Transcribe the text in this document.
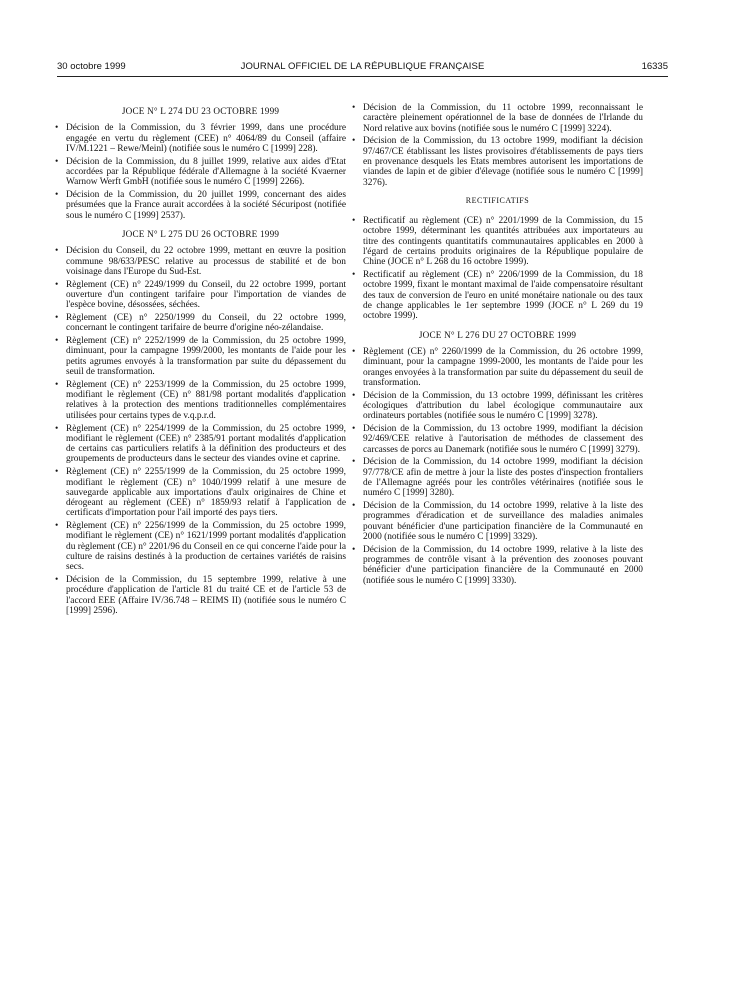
30 octobre 1999	JOURNAL OFFICIEL DE LA RÉPUBLIQUE FRANÇAISE	16335
JOCE N° L 274 DU 23 OCTOBRE 1999
• Décision de la Commission, du 3 février 1999, dans une procédure engagée en vertu du règlement (CEE) n° 4064/89 du Conseil (affaire IV/M.1221 – Rewe/Meinl) (notifiée sous le numéro C [1999] 228).
• Décision de la Commission, du 8 juillet 1999, relative aux aides d'Etat accordées par la République fédérale d'Allemagne à la société Kvaerner Warnow Werft GmbH (notifiée sous le numéro C [1999] 2266).
• Décision de la Commission, du 20 juillet 1999, concernant des aides présumées que la France aurait accordées à la société Sécuripost (notifiée sous le numéro C [1999] 2537).
JOCE N° L 275 DU 26 OCTOBRE 1999
• Décision du Conseil, du 22 octobre 1999, mettant en œuvre la position commune 98/633/PESC relative au processus de stabilité et de bon voisinage dans l'Europe du Sud-Est.
• Règlement (CE) n° 2249/1999 du Conseil, du 22 octobre 1999, portant ouverture d'un contingent tarifaire pour l'importation de viandes de l'espèce bovine, désossées, séchées.
• Règlement (CE) n° 2250/1999 du Conseil, du 22 octobre 1999, concernant le contingent tarifaire de beurre d'origine néo-zélandaise.
• Règlement (CE) n° 2252/1999 de la Commission, du 25 octobre 1999, diminuant, pour la campagne 1999/2000, les montants de l'aide pour les petits agrumes envoyés à la transformation par suite du dépassement du seuil de transformation.
• Règlement (CE) n° 2253/1999 de la Commission, du 25 octobre 1999, modifiant le règlement (CE) n° 881/98 portant modalités d'application relatives à la protection des mentions traditionnelles complémentaires utilisées pour certains types de v.q.p.r.d.
• Règlement (CE) n° 2254/1999 de la Commission, du 25 octobre 1999, modifiant le règlement (CEE) n° 2385/91 portant modalités d'application de certains cas particuliers relatifs à la définition des producteurs et des groupements de producteurs dans le secteur des viandes ovine et caprine.
• Règlement (CE) n° 2255/1999 de la Commission, du 25 octobre 1999, modifiant le règlement (CE) n° 1040/1999 relatif à une mesure de sauvegarde applicable aux importations d'aulx originaires de Chine et dérogeant au règlement (CEE) n° 1859/93 relatif à l'application de certificats d'importation pour l'ail importé des pays tiers.
• Règlement (CE) n° 2256/1999 de la Commission, du 25 octobre 1999, modifiant le règlement (CE) n° 1621/1999 portant modalités d'application du règlement (CE) n° 2201/96 du Conseil en ce qui concerne l'aide pour la culture de raisins destinés à la production de certaines variétés de raisins secs.
• Décision de la Commission, du 15 septembre 1999, relative à une procédure d'application de l'article 81 du traité CE et de l'article 53 de l'accord EEE (Affaire IV/36.748 – REIMS II) (notifiée sous le numéro C [1999] 2596).
• Décision de la Commission, du 11 octobre 1999, reconnaissant le caractère pleinement opérationnel de la base de données de l'Irlande du Nord relative aux bovins (notifiée sous le numéro C [1999] 3224).
• Décision de la Commission, du 13 octobre 1999, modifiant la décision 97/467/CE établissant les listes provisoires d'établissements de pays tiers en provenance desquels les Etats membres autorisent les importations de viandes de lapin et de gibier d'élevage (notifiée sous le numéro C [1999] 3276).
RECTIFICATIFS
• Rectificatif au règlement (CE) n° 2201/1999 de la Commission, du 15 octobre 1999, déterminant les quantités attribuées aux importateurs au titre des contingents quantitatifs communautaires applicables en 2000 à l'égard de certains produits originaires de la République populaire de Chine (JOCE n° L 268 du 16 octobre 1999).
• Rectificatif au règlement (CE) n° 2206/1999 de la Commission, du 18 octobre 1999, fixant le montant maximal de l'aide compensatoire résultant des taux de conversion de l'euro en unité monétaire nationale ou des taux de change applicables le 1er septembre 1999 (JOCE n° L 269 du 19 octobre 1999).
JOCE N° L 276 DU 27 OCTOBRE 1999
• Règlement (CE) n° 2260/1999 de la Commission, du 26 octobre 1999, diminuant, pour la campagne 1999-2000, les montants de l'aide pour les oranges envoyées à la transformation par suite du dépassement du seuil de transformation.
• Décision de la Commission, du 13 octobre 1999, définissant les critères écologiques d'attribution du label écologique communautaire aux ordinateurs portables (notifiée sous le numéro C [1999] 3278).
• Décision de la Commission, du 13 octobre 1999, modifiant la décision 92/469/CEE relative à l'autorisation de méthodes de classement des carcasses de porcs au Danemark (notifiée sous le numéro C [1999] 3279).
• Décision de la Commission, du 14 octobre 1999, modifiant la décision 97/778/CE afin de mettre à jour la liste des postes d'inspection frontaliers de l'Allemagne agréés pour les contrôles vétérinaires (notifiée sous le numéro C [1999] 3280).
• Décision de la Commission, du 14 octobre 1999, relative à la liste des programmes d'éradication et de surveillance des maladies animales pouvant bénéficier d'une participation financière de la Communauté en 2000 (notifiée sous le numéro C [1999] 3329).
• Décision de la Commission, du 14 octobre 1999, relative à la liste des programmes de contrôle visant à la prévention des zoonoses pouvant bénéficier d'une participation financière de la Communauté en 2000 (notifiée sous le numéro C [1999] 3330).
